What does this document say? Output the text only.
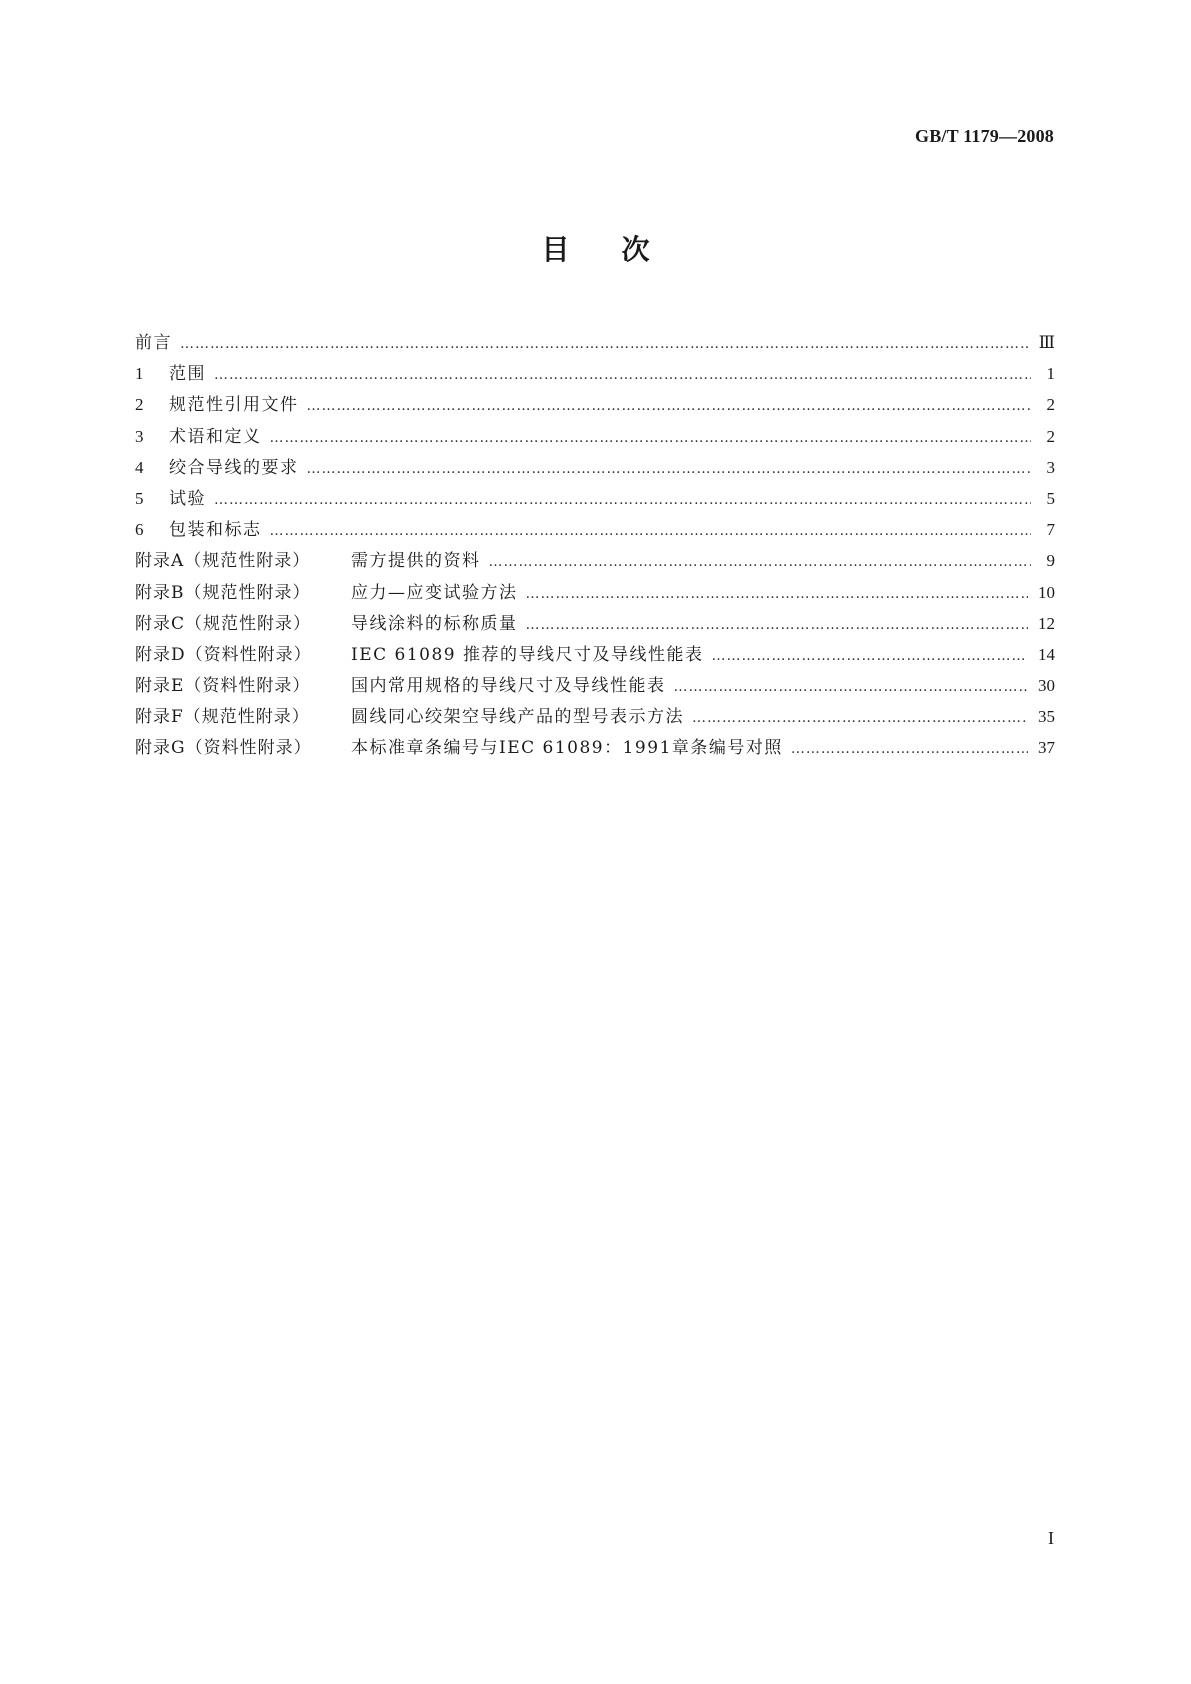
GB/T 1179—2008
目次
前言 …………………………………………………………………………………………………………………………………………………………………………………………………………………………………………	Ⅲ
1	范围 …………………………………………………………………………………………………………………………………………………………………………………………………………………………………………	1
2	规范性引用文件 …………………………………………………………………………………………………………………………………………………………………………………………………………………………………………	2
3	术语和定义 …………………………………………………………………………………………………………………………………………………………………………………………………………………………………………	2
4	绞合导线的要求 …………………………………………………………………………………………………………………………………………………………………………………………………………………………………………	3
5	试验 …………………………………………………………………………………………………………………………………………………………………………………………………………………………………………	5
6	包装和标志 …………………………………………………………………………………………………………………………………………………………………………………………………………………………………………	7
附录A（规范性附录）	需方提供的资料 …………………………………………………………………………………………………………………………………………………………………………………………………………………………………………	9
附录B（规范性附录）	应力—应变试验方法 …………………………………………………………………………………………………………………………………………………………………………………………………………………………………………	10
附录C（规范性附录）	导线涂料的标称质量 …………………………………………………………………………………………………………………………………………………………………………………………………………………………………………	12
附录D（资料性附录）	IEC 61089 推荐的导线尺寸及导线性能表 …………………………………………………………………………………………………………………………………………………………………………………………………………………………………………	14
附录E（资料性附录）	国内常用规格的导线尺寸及导线性能表 …………………………………………………………………………………………………………………………………………………………………………………………………………………………………………	30
附录F（规范性附录）	圆线同心绞架空导线产品的型号表示方法 …………………………………………………………………………………………………………………………………………………………………………………………………………………………………………	35
附录G（资料性附录）	本标准章条编号与IEC 61089：1991章条编号对照 …………………………………………………………………………………………………………………………………………………………………………………………………………………………………………	37
I
